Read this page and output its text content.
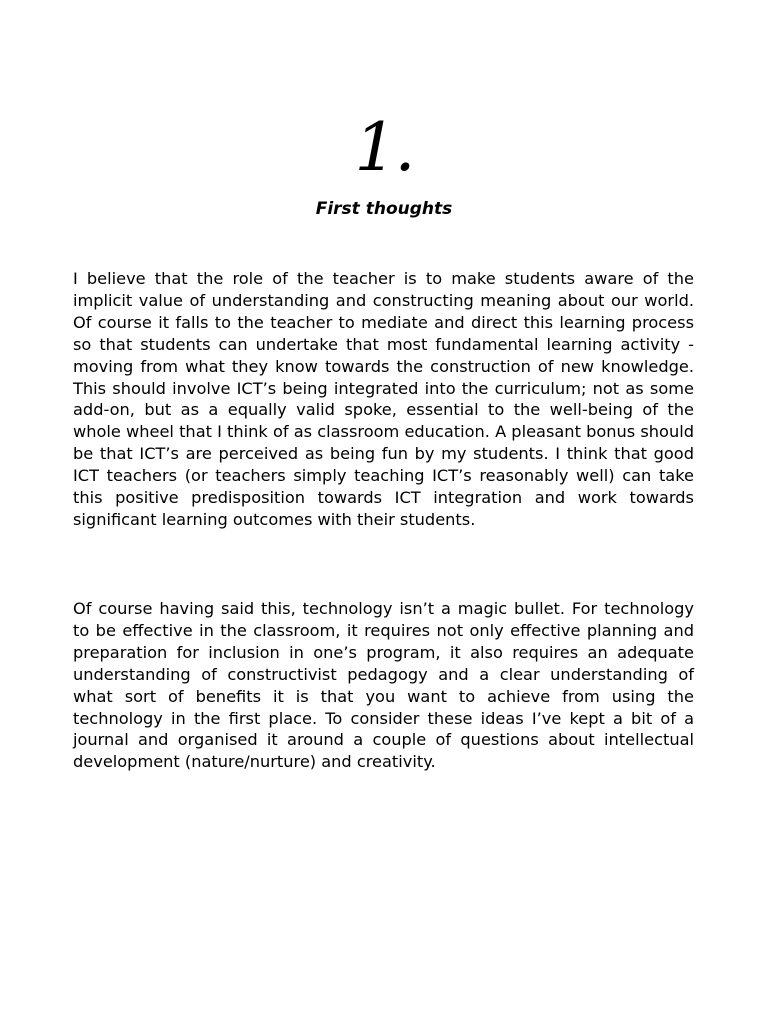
1.
First thoughts

I believe that the role of the teacher is to make students aware of the implicit value of understanding and constructing meaning about our world. Of course it falls to the teacher to mediate and direct this learning process so that students can undertake that most fundamental learning activity - moving from what they know towards the construction of new knowledge. This should involve ICT’s being integrated into the curriculum; not as some add-on, but as a equally valid spoke, essential to the well-being of the whole wheel that I think of as classroom education. A pleasant bonus should be that ICT’s are perceived as being fun by my students. I think that good ICT teachers (or teachers simply teaching ICT’s reasonably well) can take this positive predisposition towards ICT integration and work towards significant learning outcomes with their students.

Of course having said this, technology isn’t a magic bullet. For technology to be effective in the classroom, it requires not only effective planning and preparation for inclusion in one’s program, it also requires an adequate understanding of constructivist pedagogy and a clear understanding of what sort of benefits it is that you want to achieve from using the technology in the first place. To consider these ideas I’ve kept a bit of a journal and organised it around a couple of questions about intellectual development (nature/nurture) and creativity.
